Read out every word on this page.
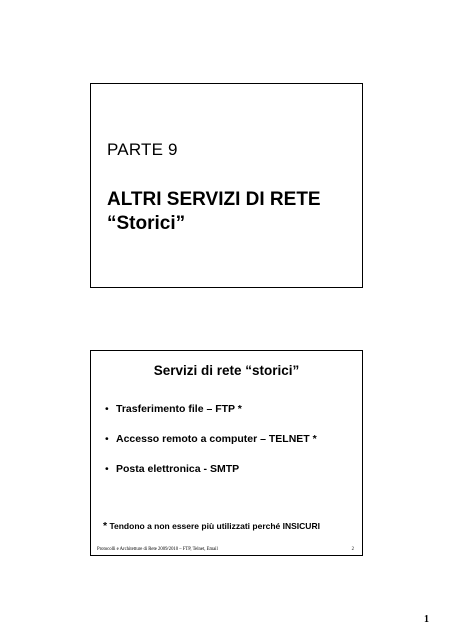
PARTE 9
ALTRI SERVIZI DI RETE
“Storici”
Servizi di rete “storici”
• Trasferimento file – FTP *
• Accesso remoto a computer – TELNET *
• Posta elettronica - SMTP
* Tendono a non essere più utilizzati perché INSICURI
Protocolli e Architetture di Rete 2009/2010 – FTP, Telnet, Email	2
1
